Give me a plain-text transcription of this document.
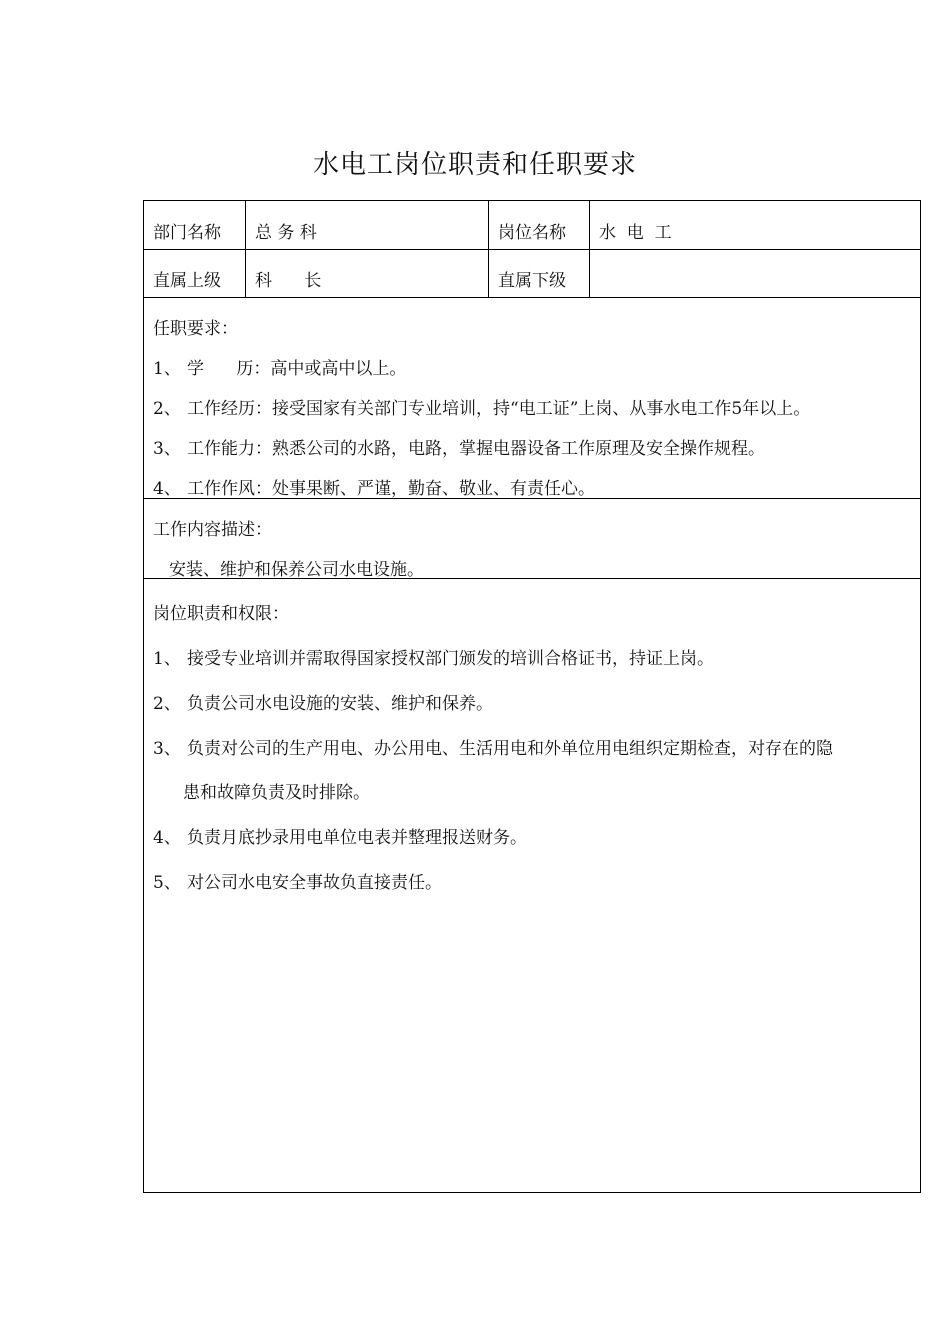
水电工岗位职责和任职要求
部门名称 总 务 科	岗位名称 水  电  工
直属上级 科      长	直属下级
任职要求：
1、 学      历：高中或高中以上。
2、 工作经历：接受国家有关部门专业培训，持“电工证”上岗、从事水电工作5年以上。
3、 工作能力：熟悉公司的水路，电路，掌握电器设备工作原理及安全操作规程。
4、 工作作风：处事果断、严谨，勤奋、敬业、有责任心。
工作内容描述：
安装、维护和保养公司水电设施。
岗位职责和权限：
1、 接受专业培训并需取得国家授权部门颁发的培训合格证书，持证上岗。
2、 负责公司水电设施的安装、维护和保养。
3、 负责对公司的生产用电、办公用电、生活用电和外单位用电组织定期检查，对存在的隐
患和故障负责及时排除。
4、 负责月底抄录用电单位电表并整理报送财务。
5、 对公司水电安全事故负直接责任。
